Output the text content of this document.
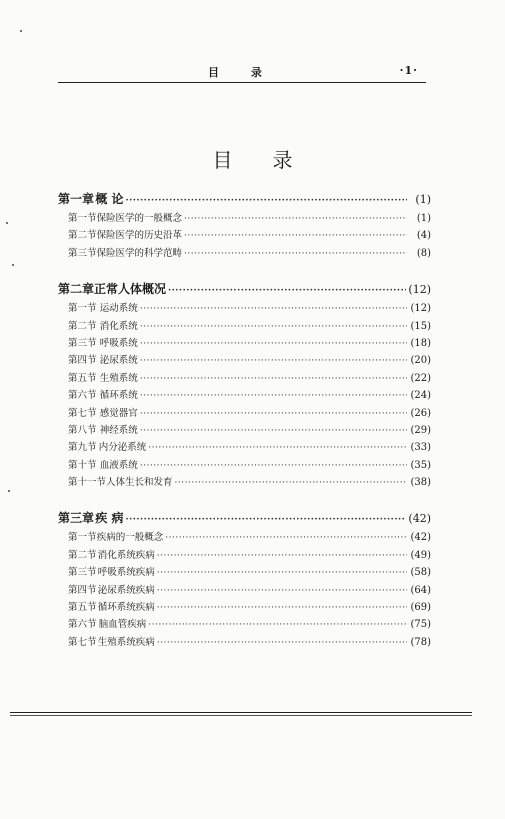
目 录	·1·
目录
第一章 概 论 ·····	(1)
第一节 保险医学的一般概念 ·····	(1)
第二节 保险医学的历史沿革 ·····	(4)
第三节 保险医学的科学范畴 ·····	(8)
第二章 正常人体概况 ·····	(12)
第一节 运动系统 ·····	(12)
第二节 消化系统 ·····	(15)
第三节 呼吸系统 ·····	(18)
第四节 泌尿系统 ·····	(20)
第五节 生殖系统 ·····	(22)
第六节 循环系统 ·····	(24)
第七节 感觉器官 ·····	(26)
第八节 神经系统 ·····	(29)
第九节 内分泌系统 ·····	(33)
第十节 血液系统 ·····	(35)
第十一节 人体生长和发育 ·····	(38)
第三章 疾 病 ·····	(42)
第一节 疾病的一般概念 ·····	(42)
第二节 消化系统疾病 ·····	(49)
第三节 呼吸系统疾病 ·····	(58)
第四节 泌尿系统疾病 ·····	(64)
第五节 循环系统疾病 ·····	(69)
第六节 脑血管疾病 ·····	(75)
第七节 生殖系统疾病 ·····	(78)
